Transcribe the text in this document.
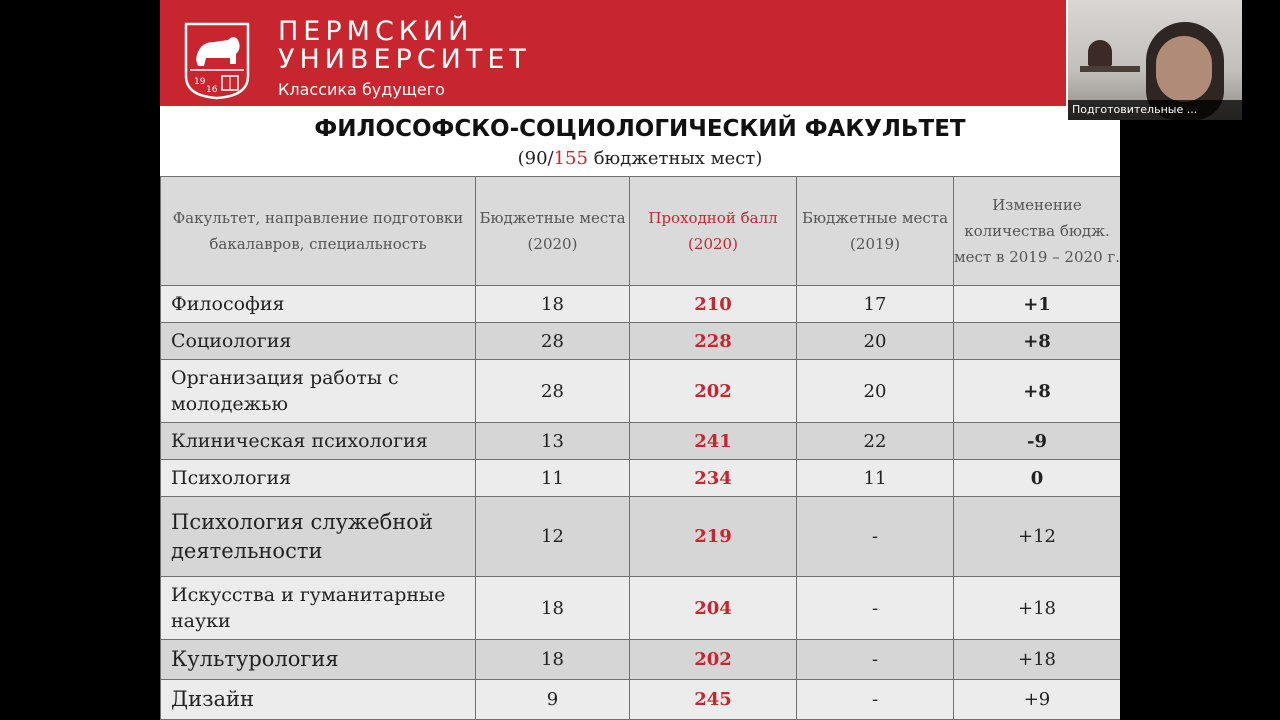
19
16
ПЕРМСКИЙ
УНИВЕРСИТЕТ
Классика будущего
ФИЛОСОФСКО-СОЦИОЛОГИЧЕСКИЙ ФАКУЛЬТЕТ
(90/155 бюджетных мест)
Факультет, направление подготовки бакалавров, специальность	Бюджетные места (2020)	Проходной балл (2020)	Бюджетные места (2019)	Изменение количества бюдж. мест в 2019 – 2020 г.
Философия	18	210	17	+1
Социология	28	228	20	+8
Организация работы с молодежью	28	202	20	+8
Клиническая психология	13	241	22	-9
Психология	11	234	11	0
Психология служебной деятельности	12	219	-	+12
Искусства и гуманитарные науки	18	204	-	+18
Культурология	18	202	-	+18
Дизайн	9	245	-	+9
Подготовительные ...
